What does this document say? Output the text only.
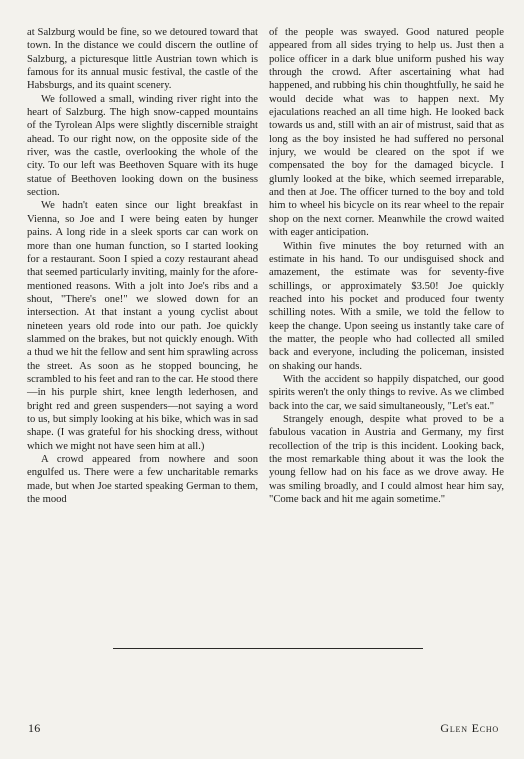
at Salzburg would be fine, so we detoured toward that town. In the distance we could discern the outline of Salzburg, a picturesque little Austrian town which is famous for its annual music festival, the castle of the Habsburgs, and its quaint scenery.

We followed a small, winding river right into the heart of Salzburg. The high snow-capped mountains of the Tyrolean Alps were slightly discernible straight ahead. To our right now, on the opposite side of the river, was the castle, overlooking the whole of the city. To our left was Beethoven Square with its huge statue of Beethoven looking down on the business section.

We hadn't eaten since our light breakfast in Vienna, so Joe and I were being eaten by hunger pains. A long ride in a sleek sports car can work on more than one human function, so I started looking for a restaurant. Soon I spied a cozy restaurant ahead that seemed particularly inviting, mainly for the afore-mentioned reasons. With a jolt into Joe's ribs and a shout, "There's one!" we slowed down for an intersection. At that instant a young cyclist about nineteen years old rode into our path. Joe quickly slammed on the brakes, but not quickly enough. With a thud we hit the fellow and sent him sprawling across the street. As soon as he stopped bouncing, he scrambled to his feet and ran to the car. He stood there—in his purple shirt, knee length lederhosen, and bright red and green suspenders—not saying a word to us, but simply looking at his bike, which was in sad shape. (I was grateful for his shocking dress, without which we might not have seen him at all.)

A crowd appeared from nowhere and soon engulfed us. There were a few uncharitable remarks made, but when Joe started speaking German to them, the mood

of the people was swayed. Good natured people appeared from all sides trying to help us. Just then a police officer in a dark blue uniform pushed his way through the crowd. After ascertaining what had happened, and rubbing his chin thoughtfully, he said he would decide what was to happen next. My ejaculations reached an all time high. He looked back towards us and, still with an air of mistrust, said that as long as the boy insisted he had suffered no personal injury, we would be cleared on the spot if we compensated the boy for the damaged bicycle. I glumly looked at the bike, which seemed irreparable, and then at Joe. The officer turned to the boy and told him to wheel his bicycle on its rear wheel to the repair shop on the next corner. Meanwhile the crowd waited with eager anticipation.

Within five minutes the boy returned with an estimate in his hand. To our undisguised shock and amazement, the estimate was for seventy-five schillings, or approximately $3.50! Joe quickly reached into his pocket and produced four twenty schilling notes. With a smile, we told the fellow to keep the change. Upon seeing us instantly take care of the matter, the people who had collected all smiled back and everyone, including the policeman, insisted on shaking our hands.

With the accident so happily dispatched, our good spirits weren't the only things to revive. As we climbed back into the car, we said simultaneously, "Let's eat."

Strangely enough, despite what proved to be a fabulous vacation in Austria and Germany, my first recollection of the trip is this incident. Looking back, the most remarkable thing about it was the look the young fellow had on his face as we drove away. He was smiling broadly, and I could almost hear him say, "Come back and hit me again sometime."

16	Glen Echo
